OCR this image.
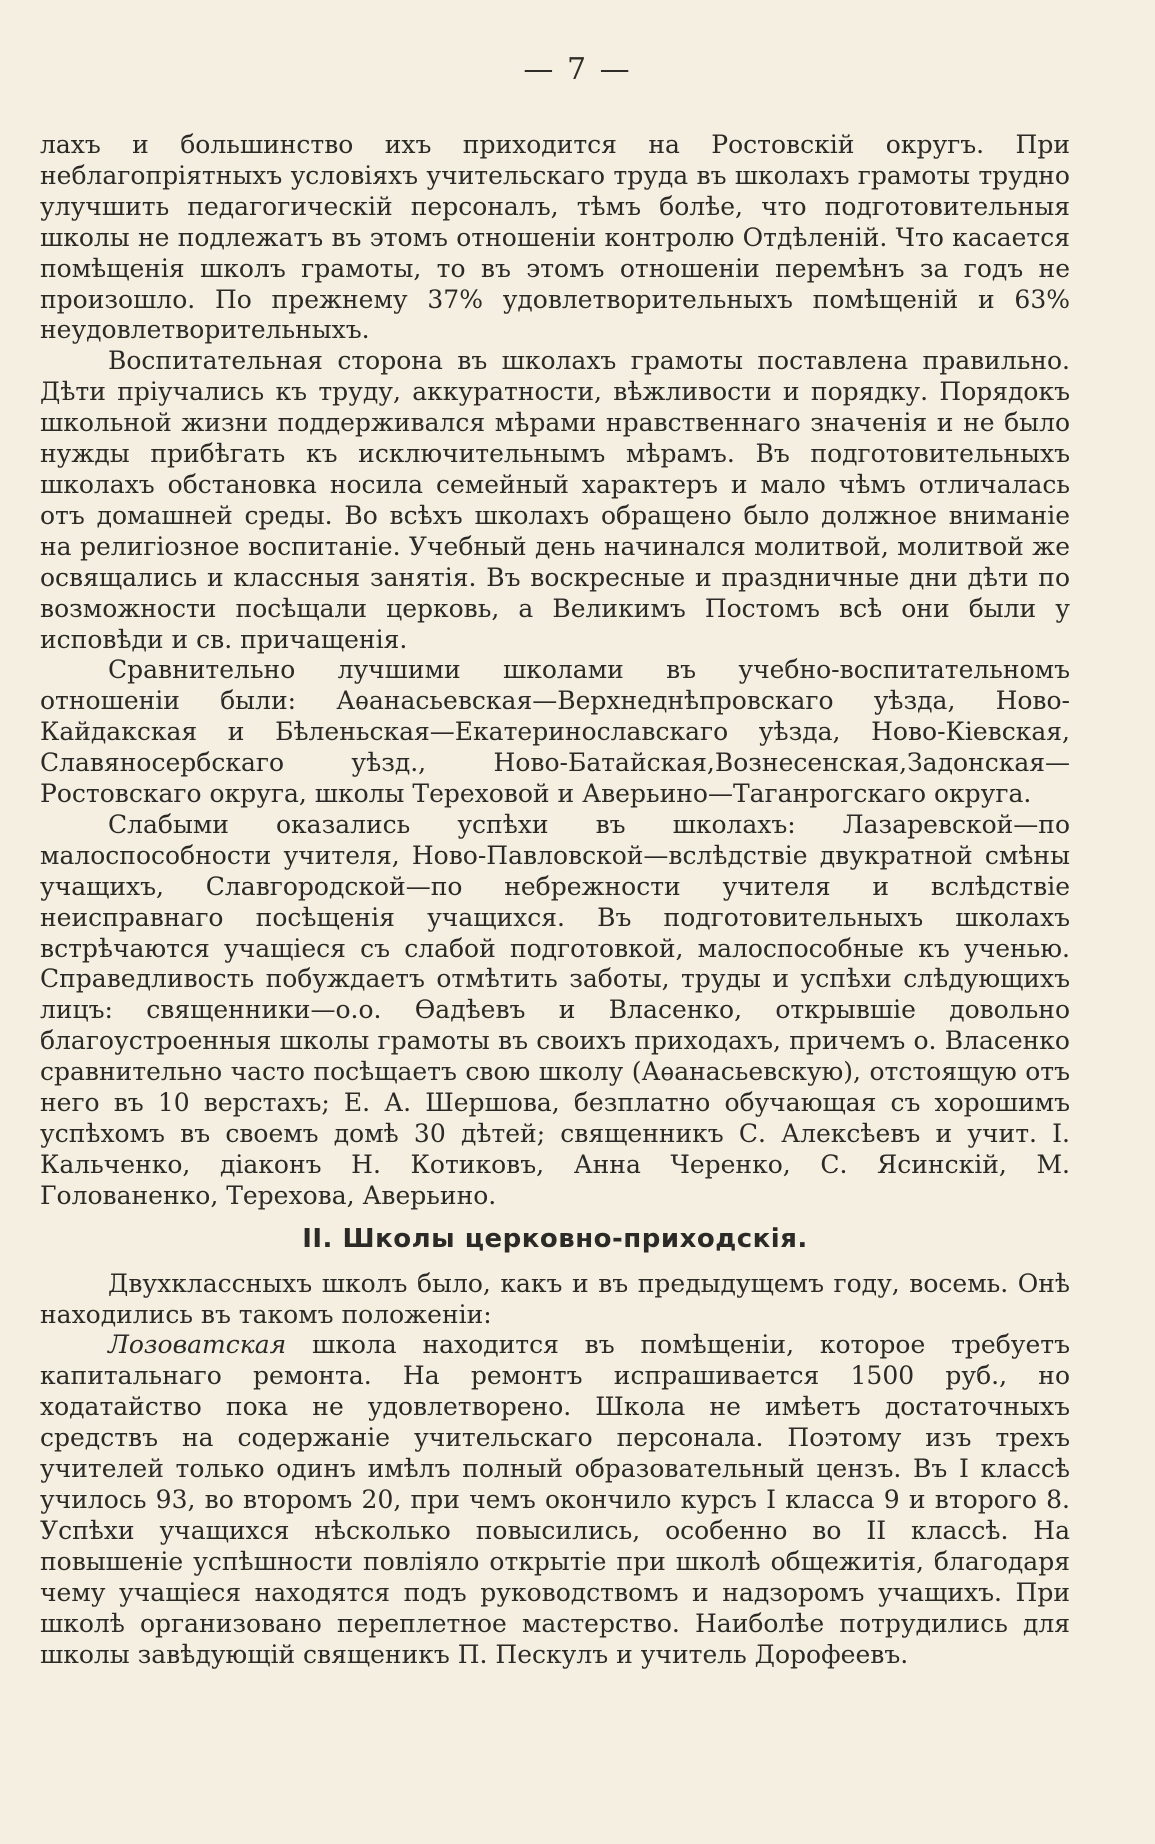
— 7 —

лахъ и большинство ихъ приходится на Ростовскій округъ. При неблагопріятныхъ условіяхъ учительскаго труда въ школахъ грамоты трудно улучшить педагогическій персоналъ, тѣмъ болѣе, что подготовительныя школы не подлежатъ въ этомъ отношеніи контролю Отдѣленій. Что касается помѣщенія школъ грамоты, то въ этомъ отношеніи перемѣнъ за годъ не произошло. По прежнему 37% удовлетворительныхъ помѣщеній и 63% неудовлетворительныхъ.

Воспитательная сторона въ школахъ грамоты поставлена правильно. Дѣти пріучались къ труду, аккуратности, вѣжливости и порядку. Порядокъ школьной жизни поддерживался мѣрами нравственнаго значенія и не было нужды прибѣгать къ исключительнымъ мѣрамъ. Въ подготовительныхъ школахъ обстановка носила семейный характеръ и мало чѣмъ отличалась отъ домашней среды. Во всѣхъ школахъ обращено было должное вниманіе на религіозное воспитаніе. Учебный день начинался молитвой, молитвой же освящались и классныя занятія. Въ воскресные и праздничные дни дѣти по возможности посѣщали церковь, а Великимъ Постомъ всѣ они были у исповѣди и св. причащенія.

Сравнительно лучшими школами въ учебно-воспитательномъ отношеніи были: Аѳанасьевская—Верхнеднѣпровскаго уѣзда, Ново-Кайдакская и Бѣленьская—Екатеринославскаго уѣзда, Ново-Кіевская, Славяносербскаго уѣзд., Ново-Батайская,Вознесенская,Задонская—Ростовскаго округа, школы Тереховой и Аверьино—Таганрогскаго округа.

Слабыми оказались успѣхи въ школахъ: Лазаревской—по малоспособности учителя, Ново-Павловской—вслѣдствіе двукратной смѣны учащихъ, Славгородской—по небрежности учителя и вслѣдствіе неисправнаго посѣщенія учащихся. Въ подготовительныхъ школахъ встрѣчаются учащіеся съ слабой подготовкой, малоспособные къ ученью. Справедливость побуждаетъ отмѣтить заботы, труды и успѣхи слѣдующихъ лицъ: священники—о.о. Ѳадѣевъ и Власенко, открывшіе довольно благоустроенныя школы грамоты въ своихъ приходахъ, причемъ о. Власенко сравнительно часто посѣщаетъ свою школу (Аѳанасьевскую), отстоящую отъ него въ 10 верстахъ; Е. А. Шершова, безплатно обучающая съ хорошимъ успѣхомъ въ своемъ домѣ 30 дѣтей; священникъ С. Алексѣевъ и учит. І. Кальченко, діаконъ Н. Котиковъ, Анна Черенко, С. Ясинскій, М. Голованенко, Терехова, Аверьино.

II. Школы церковно-приходскія.

Двухклассныхъ школъ было, какъ и въ предыдущемъ году, восемь. Онѣ находились въ такомъ положеніи:

Лозоватская школа находится въ помѣщеніи, которое требуетъ капитальнаго ремонта. На ремонтъ испрашивается 1500 руб., но ходатайство пока не удовлетворено. Школа не имѣетъ достаточныхъ средствъ на содержаніе учительскаго персонала. Поэтому изъ трехъ учителей только одинъ имѣлъ полный образовательный цензъ. Въ І классѣ училось 93, во второмъ 20, при чемъ окончило курсъ І класса 9 и второго 8. Успѣхи учащихся нѣсколько повысились, особенно во ІІ классѣ. На повышеніе успѣшности повліяло открытіе при школѣ общежитія, благодаря чему учащіеся находятся подъ руководствомъ и надзоромъ учащихъ. При школѣ организовано переплетное мастерство. Наиболѣе потрудились для школы завѣдующій священикъ П. Пескулъ и учитель Дорофеевъ.
